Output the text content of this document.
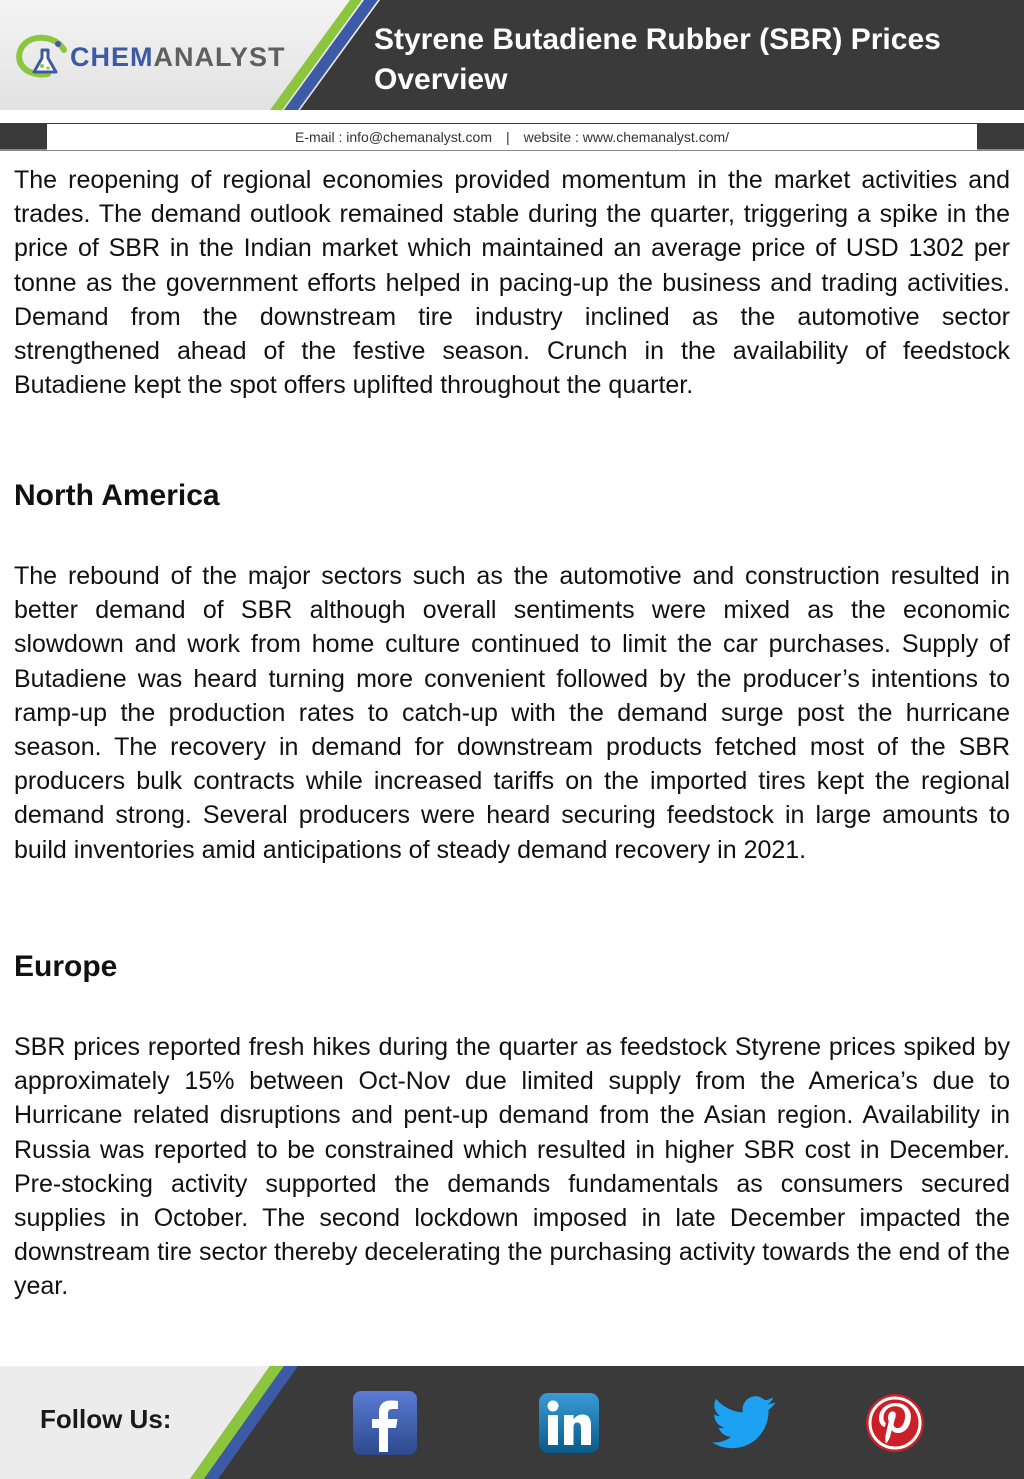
CHEMANALYST
Styrene Butadiene Rubber (SBR) Prices Overview
E-mail : info@chemanalyst.com | website : www.chemanalyst.com/

The reopening of regional economies provided momentum in the market activities and trades. The demand outlook remained stable during the quarter, triggering a spike in the price of SBR in the Indian market which maintained an average price of USD 1302 per tonne as the government efforts helped in pacing-up the business and trading activities. Demand from the downstream tire industry inclined as the automotive sector strengthened ahead of the festive season. Crunch in the availability of feedstock Butadiene kept the spot offers uplifted throughout the quarter.

North America

The rebound of the major sectors such as the automotive and construction resulted in better demand of SBR although overall sentiments were mixed as the economic slowdown and work from home culture continued to limit the car purchases. Supply of Butadiene was heard turning more convenient followed by the producer’s intentions to ramp-up the production rates to catch-up with the demand surge post the hurricane season. The recovery in demand for downstream products fetched most of the SBR producers bulk contracts while increased tariffs on the imported tires kept the regional demand strong. Several producers were heard securing feedstock in large amounts to build inventories amid anticipations of steady demand recovery in 2021.

Europe

SBR prices reported fresh hikes during the quarter as feedstock Styrene prices spiked by approximately 15% between Oct-Nov due limited supply from the America’s due to Hurricane related disruptions and pent-up demand from the Asian region. Availability in Russia was reported to be constrained which resulted in higher SBR cost in December. Pre-stocking activity supported the demands fundamentals as consumers secured supplies in October. The second lockdown imposed in late December impacted the downstream tire sector thereby decelerating the purchasing activity towards the end of the year.

Follow Us:
